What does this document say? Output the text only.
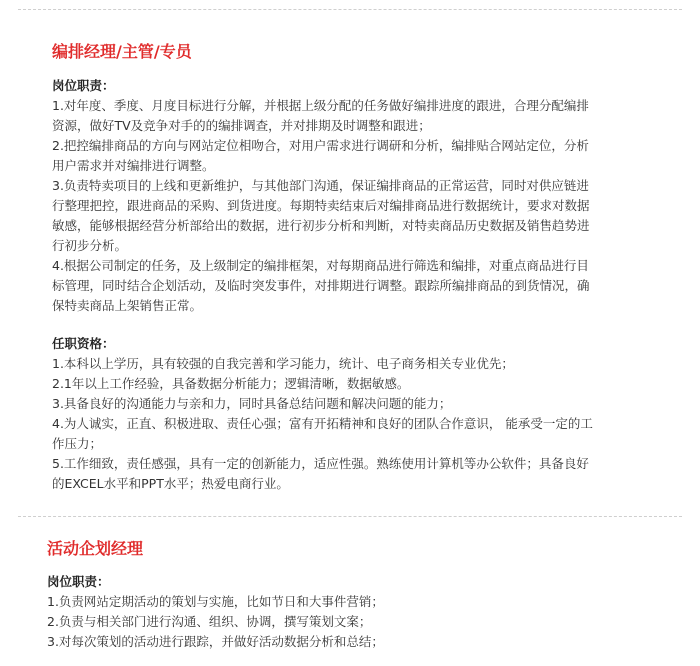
编排经理/主管/专员
岗位职责：
1.对年度、季度、月度目标进行分解，并根据上级分配的任务做好编排进度的跟进，合理分配编排
资源，做好TV及竞争对手的的编排调查，并对排期及时调整和跟进；
2.把控编排商品的方向与网站定位相吻合，对用户需求进行调研和分析，编排贴合网站定位，分析
用户需求并对编排进行调整。
3.负责特卖项目的上线和更新维护，与其他部门沟通，保证编排商品的正常运营，同时对供应链进
行整理把控，跟进商品的采购、到货进度。每期特卖结束后对编排商品进行数据统计，要求对数据
敏感，能够根据经营分析部给出的数据，进行初步分析和判断，对特卖商品历史数据及销售趋势进
行初步分析。
4.根据公司制定的任务，及上级制定的编排框架，对每期商品进行筛选和编排，对重点商品进行目
标管理，同时结合企划活动，及临时突发事件，对排期进行调整。跟踪所编排商品的到货情况，确
保特卖商品上架销售正常。
任职资格：
1.本科以上学历，具有较强的自我完善和学习能力，统计、电子商务相关专业优先；
2.1年以上工作经验，具备数据分析能力；逻辑清晰，数据敏感。
3.具备良好的沟通能力与亲和力，同时具备总结问题和解决问题的能力；
4.为人诚实，正直、积极进取、责任心强；富有开拓精神和良好的团队合作意识， 能承受一定的工
作压力；
5.工作细致，责任感强，具有一定的创新能力，适应性强。熟练使用计算机等办公软件；具备良好
的EXCEL水平和PPT水平；热爱电商行业。
活动企划经理
岗位职责：
1.负责网站定期活动的策划与实施，比如节日和大事件营销；
2.负责与相关部门进行沟通、组织、协调，撰写策划文案；
3.对每次策划的活动进行跟踪，并做好活动数据分析和总结；
